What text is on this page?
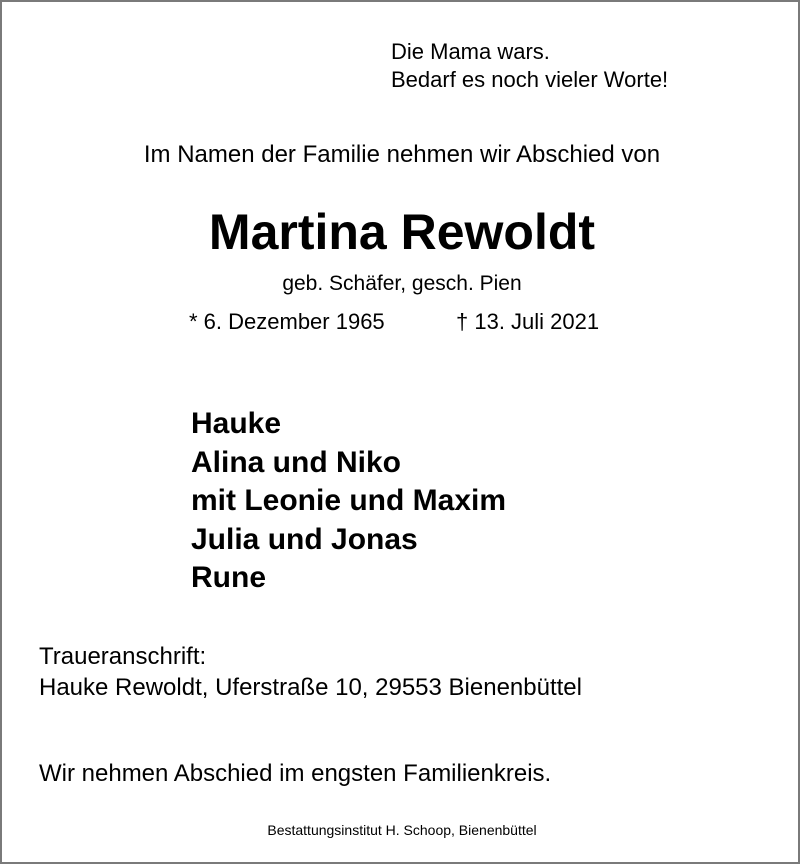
Die Mama wars.
Bedarf es noch vieler Worte!
Im Namen der Familie nehmen wir Abschied von
Martina Rewoldt
geb. Schäfer, gesch. Pien
* 6. Dezember 1965	† 13. Juli 2021
Hauke
Alina und Niko
mit Leonie und Maxim
Julia und Jonas
Rune
Traueranschrift:
Hauke Rewoldt, Uferstraße 10, 29553 Bienenbüttel
Wir nehmen Abschied im engsten Familienkreis.
Bestattungsinstitut H. Schoop, Bienenbüttel
